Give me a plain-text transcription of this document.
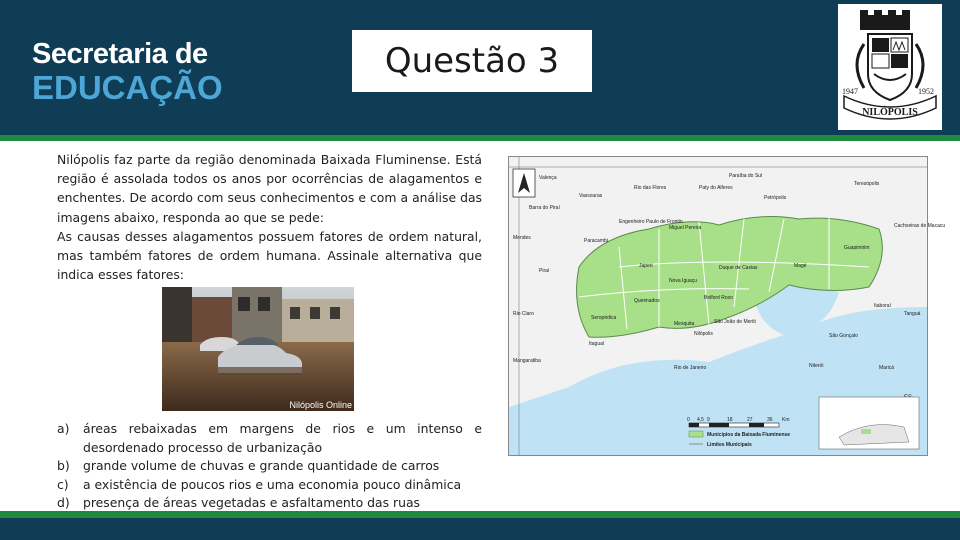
Secretaria de
EDUCAÇÃO
Questão 3
1947	1952
NILÓPOLIS

Nilópolis faz parte da região denominada Baixada Fluminense. Está região é assolada todos os anos por ocorrências de alagamentos e enchentes. De acordo com seus conhecimentos e com a análise das imagens abaixo, responda ao que se pede:

As causas desses alagamentos possuem fatores de ordem natural, mas também fatores de ordem humana. Assinale alternativa que indica esses fatores:

Nilópolis Online
a)	áreas rebaixadas em margens de rios e um intenso e desordenado processo de urbanização
b)	grande volume de chuvas e grande quantidade de carros
c)	a existência de poucos rios e uma economia pouco dinâmica
d)	presença de áreas vegetadas e asfaltamento das ruas
Valença	Paraíba do Sul
Rio das Flores
Vassouras
Paty do Alferes
Petrópolis
Teresópolis
Barra do Piraí
Paracambi
Japeri
Miguel Pereira	Cachoeiras de Macacu
Mendes
Engenheiro Paulo de Frontin
Piraí
Queimados
Nova Iguaçu
Duque de Caxias	Magé
Guapimirim
Itaboraí
Tanguá
Rio Claro
Seropédica
Belford Roxo
São João de Meriti
Mesquita
Nilópolis
Itaguaí
São Gonçalo
Niterói	Maricá
Mangaratiba
Rio de Janeiro
0 4,5 9	18	27	36 Km
Municípios da Baixada Fluminense
Limites Municipais
